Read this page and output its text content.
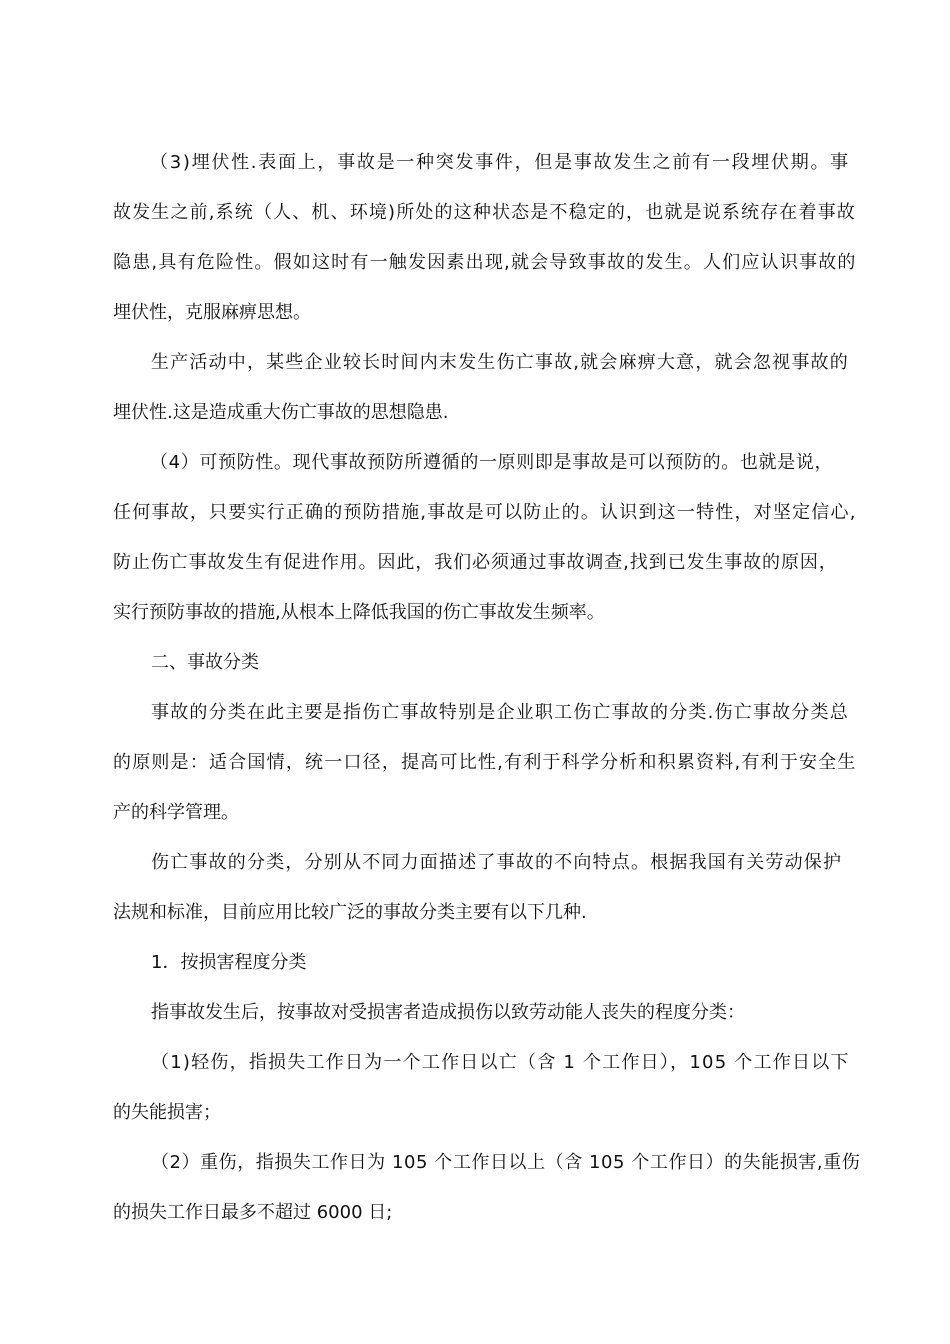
（3)埋伏性.表面上，事故是一种突发事件，但是事故发生之前有一段埋伏期。事
故发生之前,系统（人、机、环境)所处的这种状态是不稳定的，也就是说系统存在着事故
隐患,具有危险性。假如这时有一触发因素出现,就会导致事故的发生。人们应认识事故的
埋伏性，克服麻痹思想。
生产活动中，某些企业较长时间内末发生伤亡事故,就会麻痹大意，就会忽视事故的
埋伏性.这是造成重大伤亡事故的思想隐患.
（4）可预防性。现代事故预防所遵循的一原则即是事故是可以预防的。也就是说，
任何事故，只要实行正确的预防措施,事故是可以防止的。认识到这一特性，对坚定信心,
防止伤亡事故发生有促进作用。因此，我们必须通过事故调查,找到已发生事故的原因，
实行预防事故的措施,从根本上降低我国的伤亡事故发生频率。
二、事故分类
事故的分类在此主要是指伤亡事故特别是企业职工伤亡事故的分类.伤亡事故分类总
的原则是：适合国情，统一口径，提高可比性,有利于科学分析和积累资料,有利于安全生
产的科学管理。
伤亡事故的分类，分别从不同力面描述了事故的不向特点。根据我国有关劳动保护
法规和标准，目前应用比较广泛的事故分类主要有以下几种.
1．按损害程度分类
指事故发生后，按事故对受损害者造成损伤以致劳动能人丧失的程度分类：
（1)轻伤，指损失工作日为一个工作日以亡（含 1 个工作日），105 个工作日以下
的失能损害；
（2）重伤，指损失工作日为 105 个工作日以上（含 105 个工作日）的失能损害,重伤
的损失工作日最多不超过 6000 日;
